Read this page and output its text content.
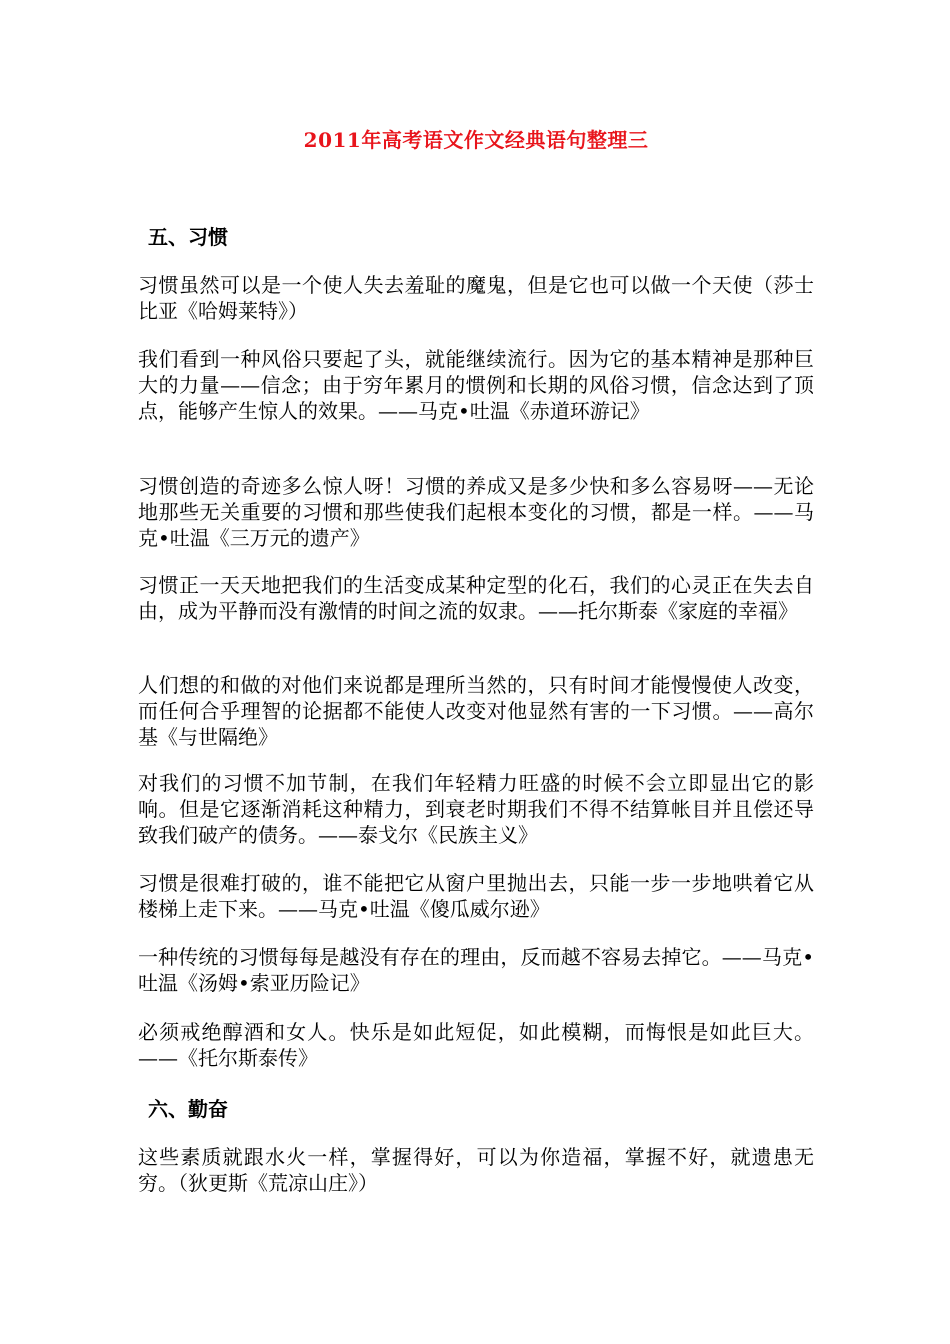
2011年高考语文作文经典语句整理三
五、习惯
习惯虽然可以是一个使人失去羞耻的魔鬼，但是它也可以做一个天使（莎士比亚《哈姆莱特》）
我们看到一种风俗只要起了头，就能继续流行。因为它的基本精神是那种巨大的力量——信念；由于穷年累月的惯例和长期的风俗习惯，信念达到了顶点，能够产生惊人的效果。——马克•吐温《赤道环游记》
习惯创造的奇迹多么惊人呀！习惯的养成又是多少快和多么容易呀——无论地那些无关重要的习惯和那些使我们起根本变化的习惯，都是一样。——马克•吐温《三万元的遗产》
习惯正一天天地把我们的生活变成某种定型的化石，我们的心灵正在失去自由，成为平静而没有激情的时间之流的奴隶。——托尔斯泰《家庭的幸福》
人们想的和做的对他们来说都是理所当然的，只有时间才能慢慢使人改变，而任何合乎理智的论据都不能使人改变对他显然有害的一下习惯。——高尔基《与世隔绝》
对我们的习惯不加节制，在我们年轻精力旺盛的时候不会立即显出它的影响。但是它逐渐消耗这种精力，到衰老时期我们不得不结算帐目并且偿还导致我们破产的债务。——泰戈尔《民族主义》
习惯是很难打破的，谁不能把它从窗户里抛出去，只能一步一步地哄着它从楼梯上走下来。——马克•吐温《傻瓜威尔逊》
一种传统的习惯每每是越没有存在的理由，反而越不容易去掉它。——马克•吐温《汤姆•索亚历险记》
必须戒绝醇酒和女人。快乐是如此短促，如此模糊，而悔恨是如此巨大。——《托尔斯泰传》
六、勤奋
这些素质就跟水火一样，掌握得好，可以为你造福，掌握不好，就遗患无穷。（狄更斯《荒凉山庄》）
